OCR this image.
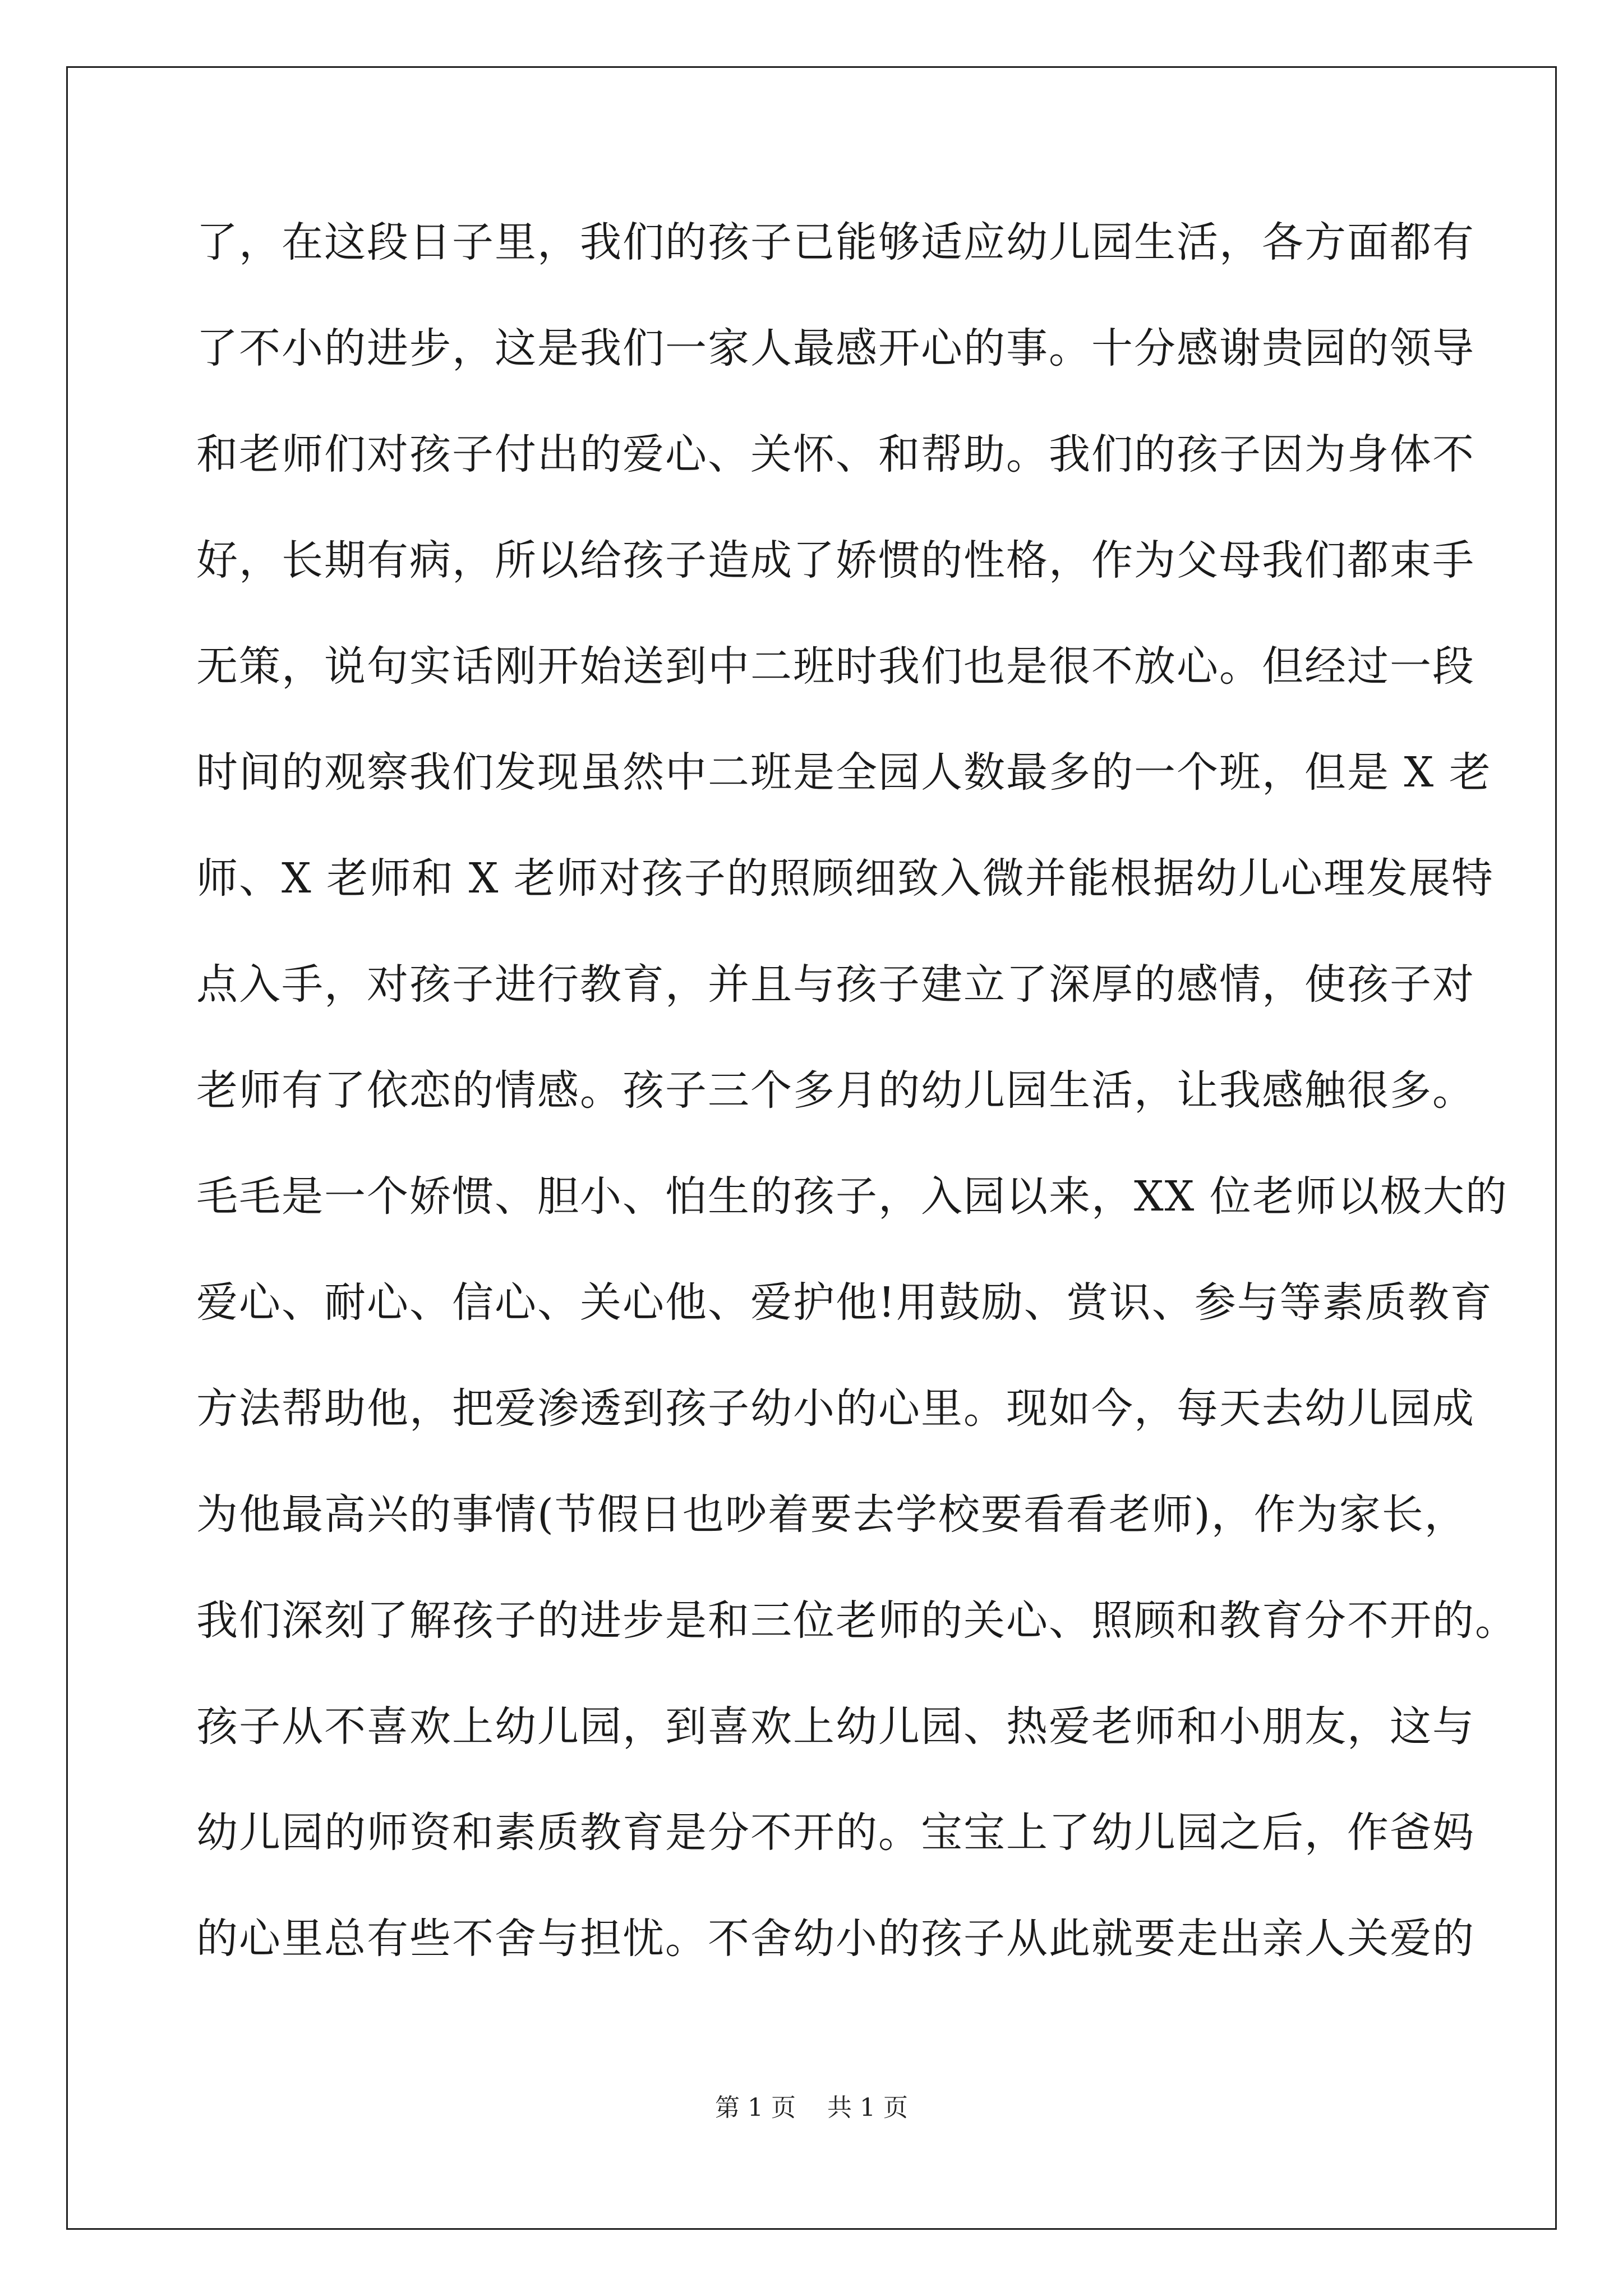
了，在这段日子里，我们的孩子已能够适应幼儿园生活，各方面都有
了不小的进步，这是我们一家人最感开心的事。十分感谢贵园的领导
和老师们对孩子付出的爱心、关怀、和帮助。我们的孩子因为身体不
好，长期有病，所以给孩子造成了娇惯的性格，作为父母我们都束手
无策，说句实话刚开始送到中二班时我们也是很不放心。但经过一段
时间的观察我们发现虽然中二班是全园人数最多的一个班，但是 X 老
师、X 老师和 X 老师对孩子的照顾细致入微并能根据幼儿心理发展特
点入手，对孩子进行教育，并且与孩子建立了深厚的感情，使孩子对
老师有了依恋的情感。孩子三个多月的幼儿园生活，让我感触很多。
毛毛是一个娇惯、胆小、怕生的孩子，入园以来，XX 位老师以极大的
爱心、耐心、信心、关心他、爱护他!用鼓励、赏识、参与等素质教育
方法帮助他，把爱渗透到孩子幼小的心里。现如今，每天去幼儿园成
为他最高兴的事情(节假日也吵着要去学校要看看老师)，作为家长，
我们深刻了解孩子的进步是和三位老师的关心、照顾和教育分不开的。
孩子从不喜欢上幼儿园，到喜欢上幼儿园、热爱老师和小朋友，这与
幼儿园的师资和素质教育是分不开的。宝宝上了幼儿园之后，作爸妈
的心里总有些不舍与担忧。不舍幼小的孩子从此就要走出亲人关爱的
第 1 页 共 1 页
